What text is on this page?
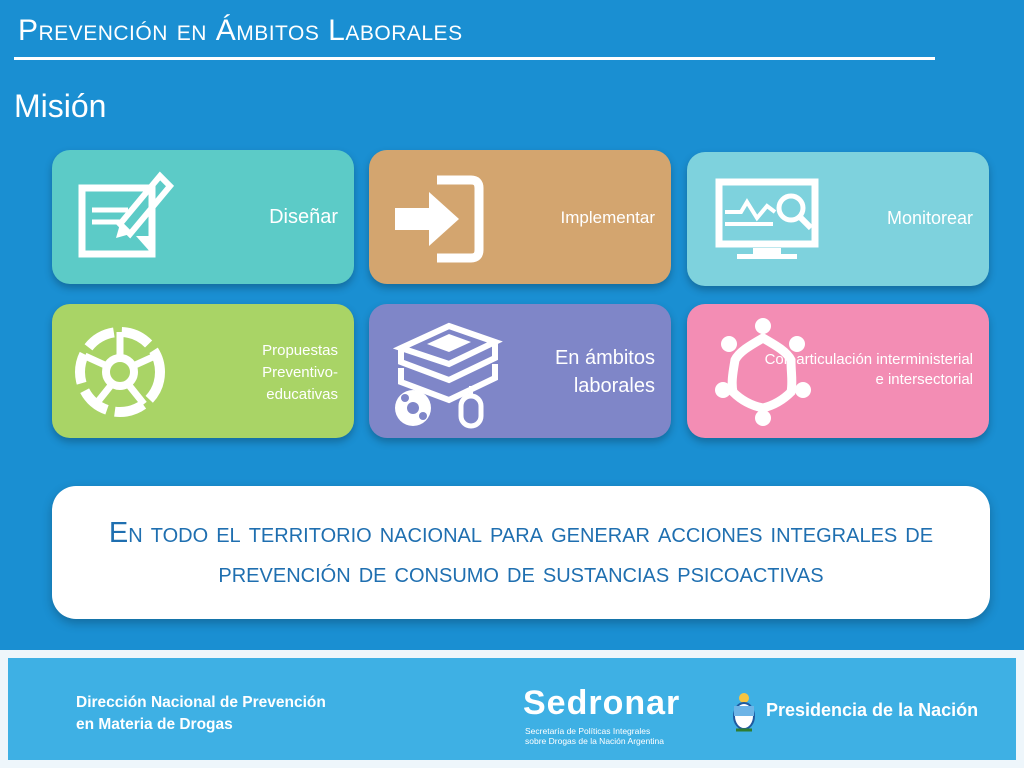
Prevención en Ámbitos Laborales
Misión
Diseñar	Implementar	Monitorear
Propuestas
Preventivo-
educativas
En ámbitos
laborales
Con articulación interministerial
e intersectorial
En todo el territorio nacional para generar acciones integrales de prevención de consumo de sustancias psicoactivas
Dirección Nacional de Prevención
en Materia de Drogas
Sedronar
Secretaría de Políticas Integrales
sobre Drogas de la Nación Argentina
Presidencia de la Nación
